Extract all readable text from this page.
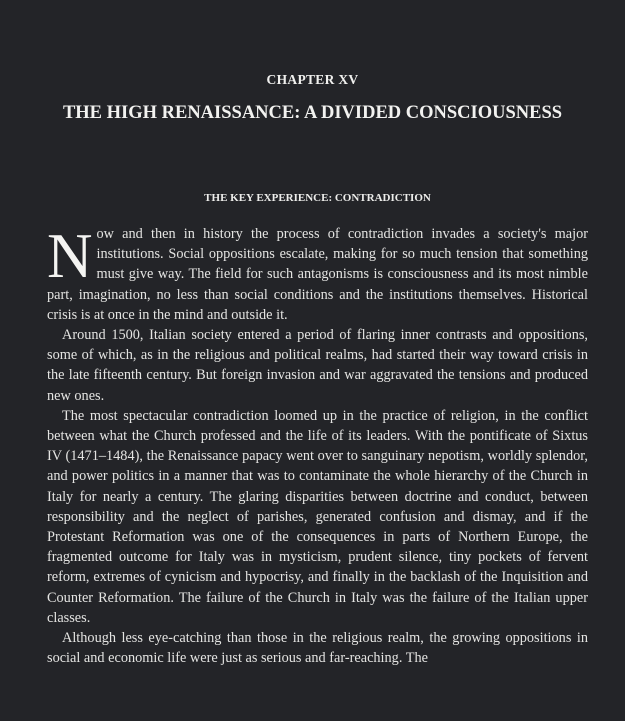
CHAPTER XV
THE HIGH RENAISSANCE: A DIVIDED CONSCIOUSNESS
THE KEY EXPERIENCE: CONTRADICTION

Now and then in history the process of contradiction invades a society's major institutions. Social oppositions escalate, making for so much tension that something must give way. The field for such antagonisms is consciousness and its most nimble part, imagination, no less than social conditions and the institutions themselves. Historical crisis is at once in the mind and outside it.

Around 1500, Italian society entered a period of flaring inner contrasts and oppositions, some of which, as in the religious and political realms, had started their way toward crisis in the late fifteenth century. But foreign invasion and war aggravated the tensions and produced new ones.

The most spectacular contradiction loomed up in the practice of religion, in the conflict between what the Church professed and the life of its leaders. With the pontificate of Sixtus IV (1471–1484), the Renaissance papacy went over to sanguinary nepotism, worldly splendor, and power politics in a manner that was to contaminate the whole hierarchy of the Church in Italy for nearly a century. The glaring disparities between doctrine and conduct, between responsibility and the neglect of parishes, generated confusion and dismay, and if the Protestant Reformation was one of the consequences in parts of Northern Europe, the fragmented outcome for Italy was in mysticism, prudent silence, tiny pockets of fervent reform, extremes of cynicism and hypocrisy, and finally in the backlash of the Inquisition and Counter Reformation. The failure of the Church in Italy was the failure of the Italian upper classes.

Although less eye-catching than those in the religious realm, the growing oppositions in social and economic life were just as serious and far-reaching. The
